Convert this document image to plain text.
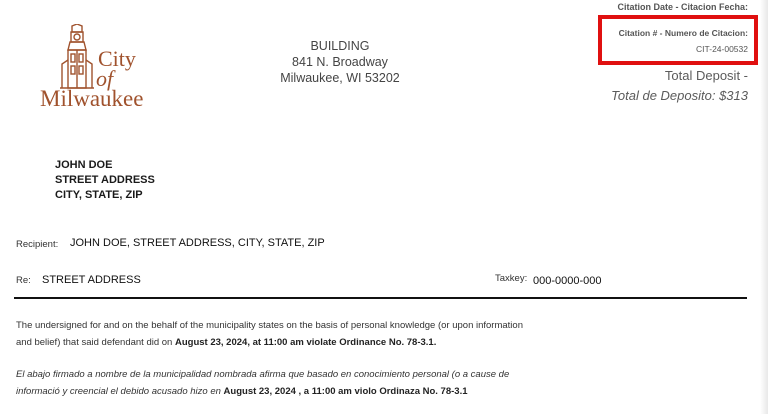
City
of
Milwaukee
BUILDING
841 N. Broadway
Milwaukee, WI 53202
Citation Date - Citacion Fecha:
Citation # - Numero de Citacion:
CIT-24-00532
Total Deposit -
Total de Deposito: $313
JOHN DOE
STREET ADDRESS
CITY, STATE, ZIP
Recipient: JOHN DOE, STREET ADDRESS, CITY, STATE, ZIP
Re: STREET ADDRESS	Taxkey: 000-0000-000
The undersigned for and on the behalf of the municipality states on the basis of personal knowledge (or upon information
and belief) that said defendant did on August 23, 2024, at 11:00 am violate Ordinance No. 78-3.1.
El abajo firmado a nombre de la municipalidad nombrada afirma que basado en conocimiento personal (o a cause de
informació y creencial el debido acusado hizo en August 23, 2024 , a 11:00 am violo Ordinaza No. 78-3.1
